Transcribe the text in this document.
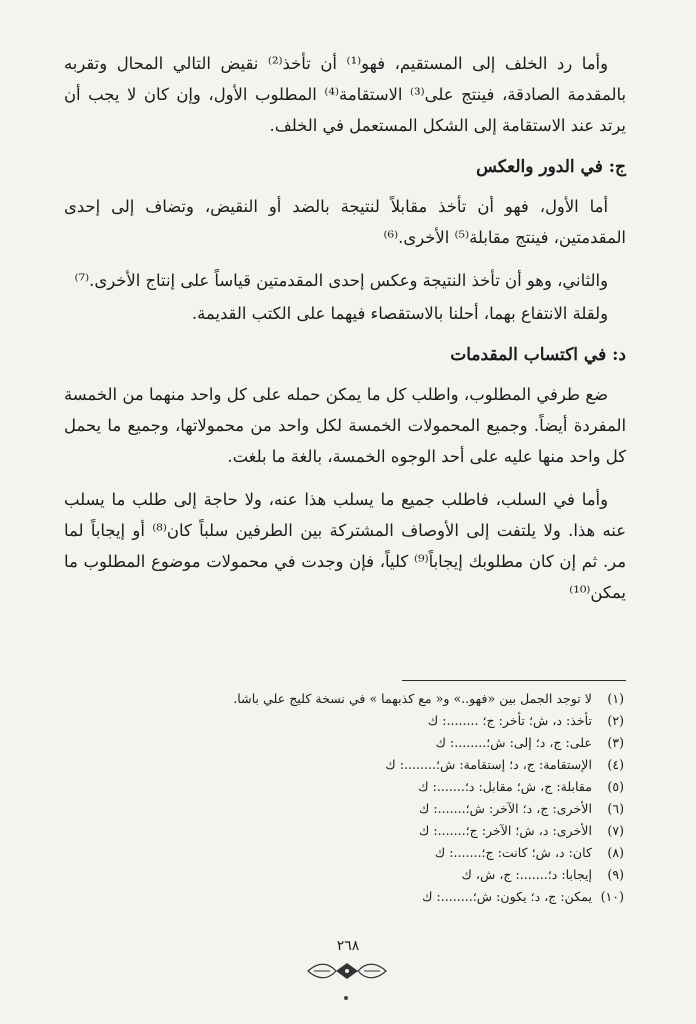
وأما رد الخلف إلى المستقيم، فهو⁽¹⁾ أن تأخذ⁽²⁾ نقيض التالي المحال وتقربه بالمقدمة الصادقة، فينتج على⁽³⁾ الاستقامة⁽⁴⁾ المطلوب الأول، وإن كان لا يجب أن يرتد عند الاستقامة إلى الشكل المستعمل في الخلف.

ج: في الدور والعكس

أما الأول، فهو أن تأخذ مقابلاً لنتيجة بالضد أو النقيض، وتضاف إلى إحدى المقدمتين، فينتج مقابلة⁽⁵⁾ الأخرى.⁽⁶⁾

والثاني، وهو أن تأخذ النتيجة وعكس إحدى المقدمتين قياساً على إنتاج الأخرى.⁽⁷⁾

ولقلة الانتفاع بهما، أحلنا بالاستقصاء فيهما على الكتب القديمة.

د: في اكتساب المقدمات

ضع طرفي المطلوب، واطلب كل ما يمكن حمله على كل واحد منهما من الخمسة المفردة أيضاً. وجميع المحمولات الخمسة لكل واحد من محمولاتها، وجميع ما يحمل كل واحد منها عليه على أحد الوجوه الخمسة، بالغة ما بلغت.

وأما في السلب، فاطلب جميع ما يسلب هذا عنه، ولا حاجة إلى طلب ما يسلب عنه هذا. ولا يلتفت إلى الأوصاف المشتركة بين الطرفين سلباً كان⁽⁸⁾ أو إيجاباً لما مر. ثم إن كان مطلوبك إيجاباً⁽⁹⁾ كلياً، فإن وجدت في محمولات موضوع المطلوب ما يمكن⁽¹⁰⁾

(١) لا توجد الجمل بين «فهو..» و« مع كذبهما » في نسخة كليج علي باشا.
(٢) تأخذ: د، ش؛ تأخر: ج؛ ........: ك
(٣) على: ج، د؛ إلى: ش؛........: ك
(٤) الإستقامة: ج، د؛ إستقامة: ش؛........: ك
(٥) مقابلة: ج، ش؛ مقابل: د؛.......: ك
(٦) الأخرى: ج، د؛ الآخر: ش؛.......: ك
(٧) الأخرى: د، ش؛ الآخر: ج؛.......: ك
(٨) كان: د، ش؛ كانت: ج؛.......: ك
(٩) إيجابا: د؛.......: ج، ش، ك
(١٠) يمكن: ج، د؛ يكون: ش؛........: ك
٢٦٨
